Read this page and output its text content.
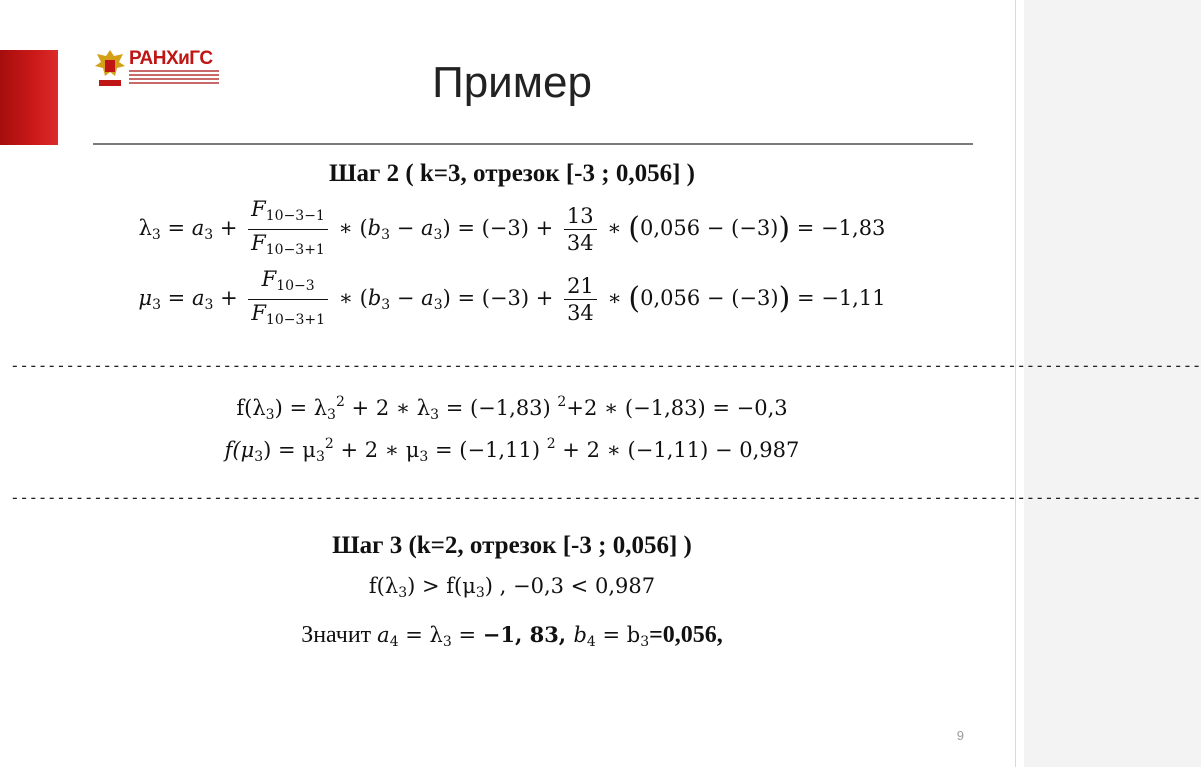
РАНХиГС	Пример
Шаг 2 ( k=3, отрезок [-3 ; 0,056] )
$\lambda_3 = a_3 + \frac{F_{10-3-1}}{F_{10-3+1}}$ ∗ $(b_3 - a_3) = (-3) + \frac{13}{34}$ ∗ (0,056 − (−3)) = −1,83
$\mu_3 = a_3 + \frac{F_{10-3}}{F_{10-3+1}}$ ∗ $(b_3 - a_3) = (-3) + \frac{21}{34}$ ∗ (0,056 − (−3)) = −1,11
---------------------------------------------------------------------------------------------------------------------------------
$f(\lambda_3) = \lambda_3^2 + 2$ ∗ $\lambda_3 = (-1,83)$ $^2$+2 ∗ (−1,83) = −0,3
$f(\mu_3) = \mu_3^2 + 2$ ∗ $\mu_3 = (-1,11) ^2 + 2$ ∗ (−1,11) − 0,987
---------------------------------------------------------------------------------------------------------------------------------
Шаг 3 (k=2, отрезок [-3 ; 0,056] )
$f(\lambda_3) > f(\mu_3)$ , −0,3 < 0,987
Значит $a_4 = \lambda_3 = -1$, 83, $b_4 = b_3=0,056$,
9
